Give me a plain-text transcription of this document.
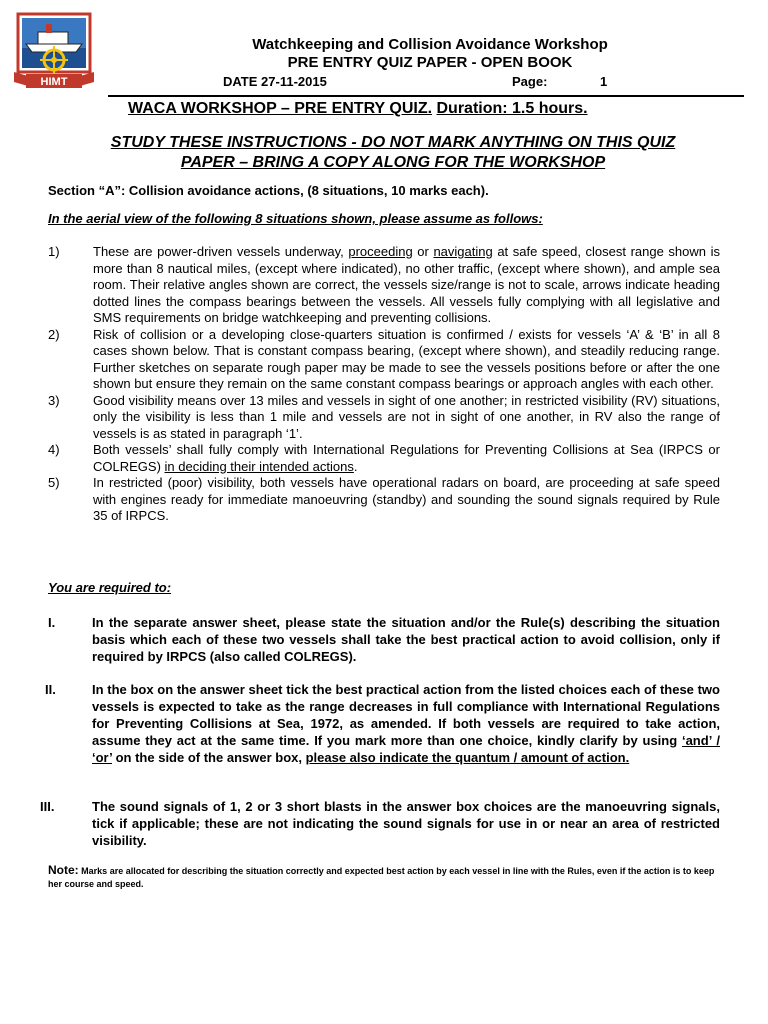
HIMT
Watchkeeping and Collision Avoidance Workshop
PRE ENTRY QUIZ PAPER - OPEN BOOK
DATE 27-11-2015	Page:	1
WACA WORKSHOP – PRE ENTRY QUIZ. Duration: 1.5 hours.
STUDY THESE INSTRUCTIONS - DO NOT MARK ANYTHING ON THIS QUIZ
PAPER – BRING A COPY ALONG FOR THE WORKSHOP
Section “A”: Collision avoidance actions, (8 situations, 10 marks each).
In the aerial view of the following 8 situations shown, please assume as follows:
1)	These are power-driven vessels underway, proceeding or navigating at safe speed, closest range shown is more than 8 nautical miles, (except where indicated), no other traffic, (except where shown), and ample sea room. Their relative angles shown are correct, the vessels size/range is not to scale, arrows indicate heading dotted lines the compass bearings between the vessels. All vessels fully complying with all legislative and SMS requirements on bridge watchkeeping and preventing collisions.
2)	Risk of collision or a developing close-quarters situation is confirmed / exists for vessels ‘A’ & ‘B’ in all 8 cases shown below. That is constant compass bearing, (except where shown), and steadily reducing range. Further sketches on separate rough paper may be made to see the vessels positions before or after the one shown but ensure they remain on the same constant compass bearings or approach angles with each other.
3)	Good visibility means over 13 miles and vessels in sight of one another; in restricted visibility (RV) situations, only the visibility is less than 1 mile and vessels are not in sight of one another, in RV also the range of vessels is as stated in paragraph ‘1’.
4)	Both vessels’ shall fully comply with International Regulations for Preventing Collisions at Sea (IRPCS or COLREGS) in deciding their intended actions.
5)	In restricted (poor) visibility, both vessels have operational radars on board, are proceeding at safe speed with engines ready for immediate manoeuvring (standby) and sounding the sound signals required by Rule 35 of IRPCS.
You are required to:
I.	In the separate answer sheet, please state the situation and/or the Rule(s) describing the situation basis which each of these two vessels shall take the best practical action to avoid collision, only if required by IRPCS (also called COLREGS).
II.	In the box on the answer sheet tick the best practical action from the listed choices each of these two vessels is expected to take as the range decreases in full compliance with International Regulations for Preventing Collisions at Sea, 1972, as amended. If both vessels are required to take action, assume they act at the same time. If you mark more than one choice, kindly clarify by using ‘and’ / ‘or’ on the side of the answer box, please also indicate the quantum / amount of action.
III.	The sound signals of 1, 2 or 3 short blasts in the answer box choices are the manoeuvring signals, tick if applicable; these are not indicating the sound signals for use in or near an area of restricted visibility.
Note: Marks are allocated for describing the situation correctly and expected best action by each vessel in line with the Rules, even if the action is to keep her course and speed.
